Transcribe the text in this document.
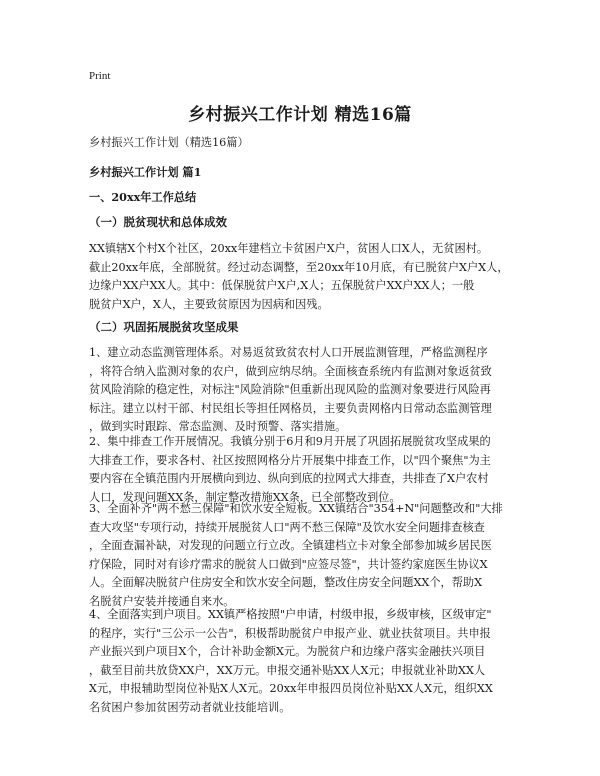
Print
乡村振兴工作计划 精选16篇
乡村振兴工作计划（精选16篇）
乡村振兴工作计划 篇1
一、20xx年工作总结
（一）脱贫现状和总体成效
XX镇辖X个村X个社区，20xx年建档立卡贫困户X户，贫困人口X人，无贫困村。
截止20xx年底，全部脱贫。经过动态调整，至20xx年10月底，有已脱贫户X户X人，
边缘户XX户XX人。其中：低保脱贫户X户,X人；五保脱贫户XX户XX人；一般
脱贫户X户，X人，主要致贫原因为因病和因残。
（二）巩固拓展脱贫攻坚成果
1、建立动态监测管理体系。对易返贫致贫农村人口开展监测管理，严格监测程序
，将符合纳入监测对象的农户，做到应纳尽纳。全面核查系统内有监测对象返贫致
贫风险消除的稳定性，对标注"风险消除"但重新出现风险的监测对象要进行风险再
标注。建立以村干部、村民组长等担任网格员，主要负责网格内日常动态监测管理
，做到实时跟踪、常态监测、及时预警、落实措施。
2、集中排查工作开展情况。我镇分别于6月和9月开展了巩固拓展脱贫攻坚成果的
大排查工作，要求各村、社区按照网格分片开展集中排查工作，以"四个聚焦"为主
要内容在全镇范围内开展横向到边、纵向到底的拉网式大排查，共排查了X户农村
人口，发现问题XX条，制定整改措施XX条，已全部整改到位。
3、全面补齐"两不愁三保障"和饮水安全短板。XX镇结合"354+N"问题整改和"大排
查大攻坚"专项行动，持续开展脱贫人口"两不愁三保障"及饮水安全问题排查核查
，全面查漏补缺，对发现的问题立行立改。全镇建档立卡对象全部参加城乡居民医
疗保险，同时对有诊疗需求的脱贫人口做到"应签尽签"，共计签约家庭医生协议X
人。全面解决脱贫户住房安全和饮水安全问题，整改住房安全问题XX个，帮助X
名脱贫户安装并接通自来水。
4、全面落实到户项目。XX镇严格按照"户申请，村级申报，乡级审核，区级审定"
的程序，实行"三公示一公告"，积极帮助脱贫户申报产业、就业扶贫项目。共申报
产业振兴到户项目X个，合计补助金额X元。为脱贫户和边缘户落实金融扶兴项目
，截至目前共放贷XX户，XX万元。申报交通补贴XX人X元；申报就业补助XX人
X元，申报辅助型岗位补贴X人X元。20xx年申报四员岗位补贴XX人X元，组织XX
名贫困户参加贫困劳动者就业技能培训。
